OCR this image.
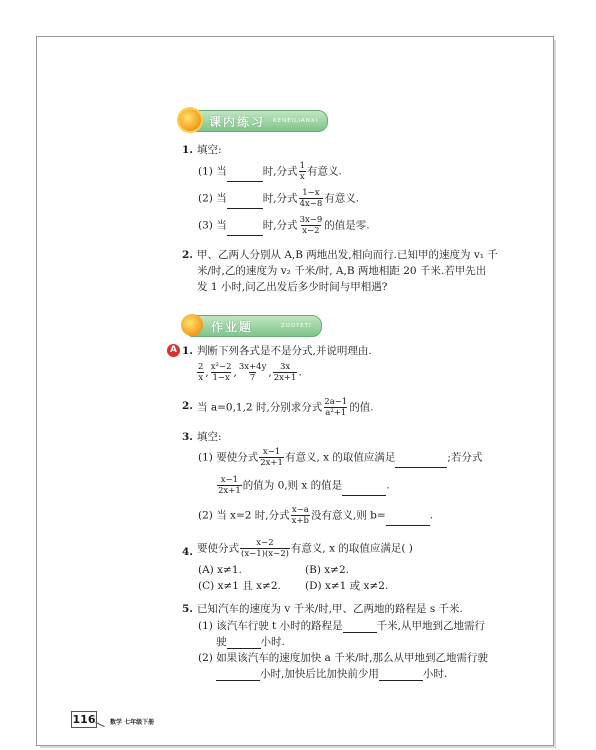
课内练习 KENEILIANXI
1. 填空:
(1) 当	时,分式 $\frac{1}{x}$ 有意义.
(2) 当	时,分式 $\frac{1-x}{4x-8}$ 有意义.
(3) 当	时,分式 $\frac{3x-9}{x-2}$ 的值是零.
2. 甲、乙两人分别从 A,B 两地出发,相向而行.已知甲的速度为 v₁ 千
米/时,乙的速度为 v₂ 千米/时, A,B 两地相距 20 千米.若甲先出
发 1 小时,问乙出发后多少时间与甲相遇?
作业题	ZUOYETI
A 1. 判断下列各式是不是分式,并说明理由.
$\frac{2}{x}$ , $\frac{\text{x²−2}}{1-x}$ , $\frac{3x+4y}{7}$ , $\frac{3x}{2x+1}$ .
2. 当 a=0,1,2 时,分别求分式 $\frac{2a-1}{\text{a²+1}}$ 的值.
3. 填空:
(1) 要使分式 $\frac{x-1}{2x+1}$ 有意义, x 的取值应满足	;若分式
$\frac{x-1}{2x+1}$ 的值为 0,则 x 的值是	.
(2) 当 x=2 时,分式 $\frac{x-a}{x+b}$ 没有意义,则 b=	.
4. 要使分式 $\frac{x-2}{(x-1)(x-2)}$ 有意义, x 的取值应满足( )
(A) x≠1.	(B) x≠2.
(C) x≠1 且 x≠2. (D) x≠1 或 x≠2.
5. 已知汽车的速度为 v 千米/时,甲、乙两地的路程是 s 千米.
(1) 该汽车行驶 t 小时的路程是	千米,从甲地到乙地需行
驶	小时.
(2) 如果该汽车的速度加快 a 千米/时,那么从甲地到乙地需行驶
小时,加快后比加快前少用	小时.
116 数学 七年级下册
